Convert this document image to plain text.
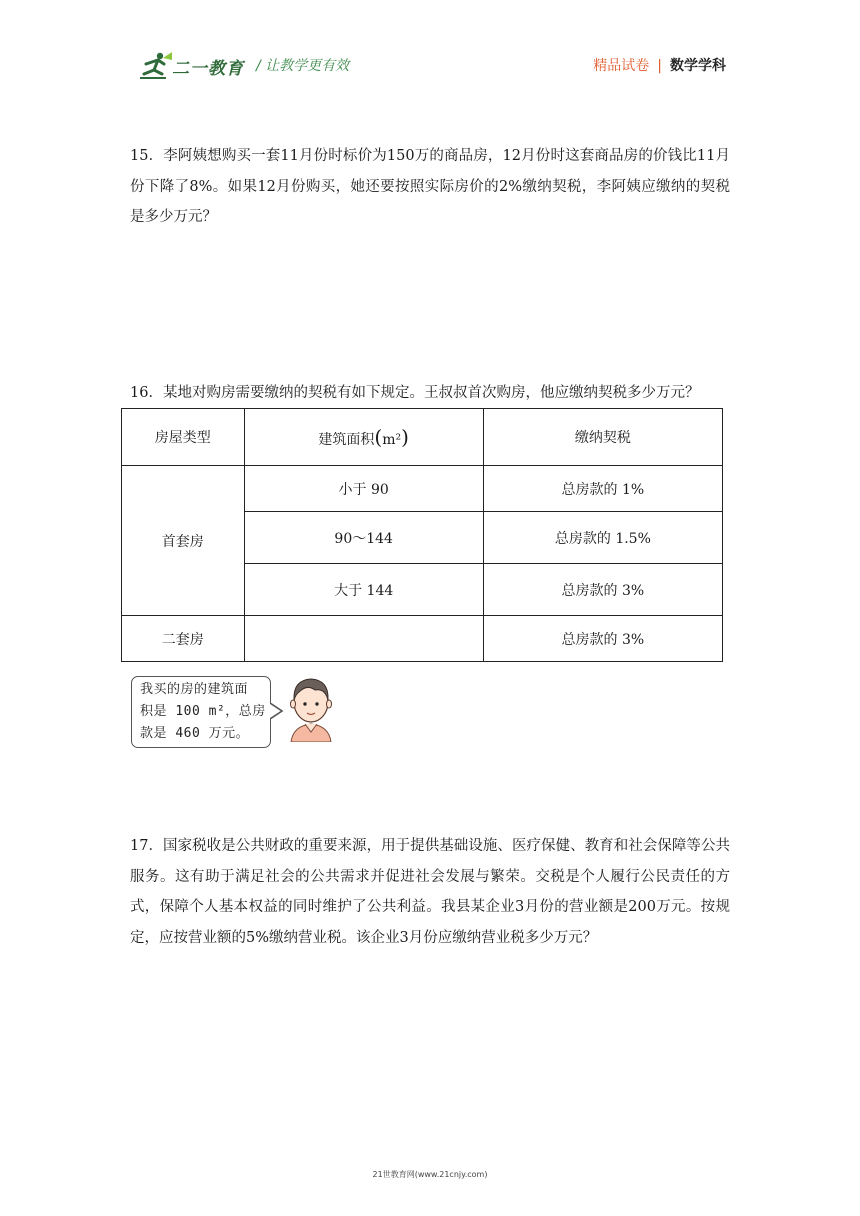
二一教育 / 让教学更有效	精品试卷 | 数学学科
15．李阿姨想购买一套11月份时标价为150万的商品房，12月份时这套商品房的价钱比11月份下降了8%。如果12月份购买，她还要按照实际房价的2%缴纳契税，李阿姨应缴纳的契税是多少万元？
16．某地对购房需要缴纳的契税有如下规定。王叔叔首次购房，他应缴纳契税多少万元？
房屋类型	建筑面积(m²)	缴纳契税
首套房	小于 90	总房款的 1%
	90～144	总房款的 1.5%
	大于 144	总房款的 3%
二套房		总房款的 3%
我买的房的建筑面
积是 100 m²，总房
款是 460 万元。
17．国家税收是公共财政的重要来源，用于提供基础设施、医疗保健、教育和社会保障等公共服务。这有助于满足社会的公共需求并促进社会发展与繁荣。交税是个人履行公民责任的方式，保障个人基本权益的同时维护了公共利益。我县某企业3月份的营业额是200万元。按规定，应按营业额的5%缴纳营业税。该企业3月份应缴纳营业税多少万元？
21世教育网(www.21cnjy.com)
